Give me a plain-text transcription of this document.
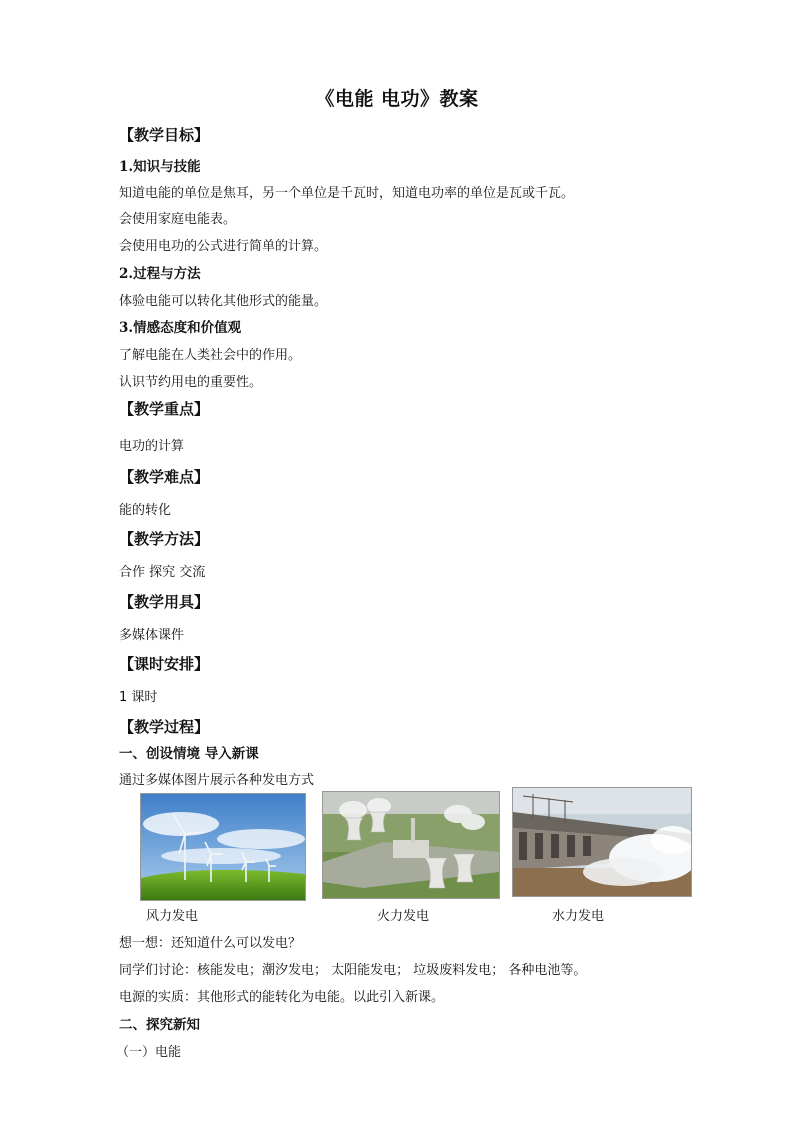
《电能 电功》教案
【教学目标】
1.知识与技能
知道电能的单位是焦耳，另一个单位是千瓦时，知道电功率的单位是瓦或千瓦。
会使用家庭电能表。
会使用电功的公式进行简单的计算。
2.过程与方法
体验电能可以转化其他形式的能量。
3.情感态度和价值观
了解电能在人类社会中的作用。
认识节约用电的重要性。
【教学重点】
电功的计算
【教学难点】
能的转化
【教学方法】
合作 探究 交流
【教学用具】
多媒体课件
【课时安排】
1 课时
【教学过程】
一、创设情境 导入新课
通过多媒体图片展示各种发电方式
风力发电	火力发电	水力发电
想一想：还知道什么可以发电？
同学们讨论：核能发电；潮汐发电； 太阳能发电； 垃圾废料发电； 各种电池等。
电源的实质：其他形式的能转化为电能。以此引入新课。
二、探究新知
（一）电能
